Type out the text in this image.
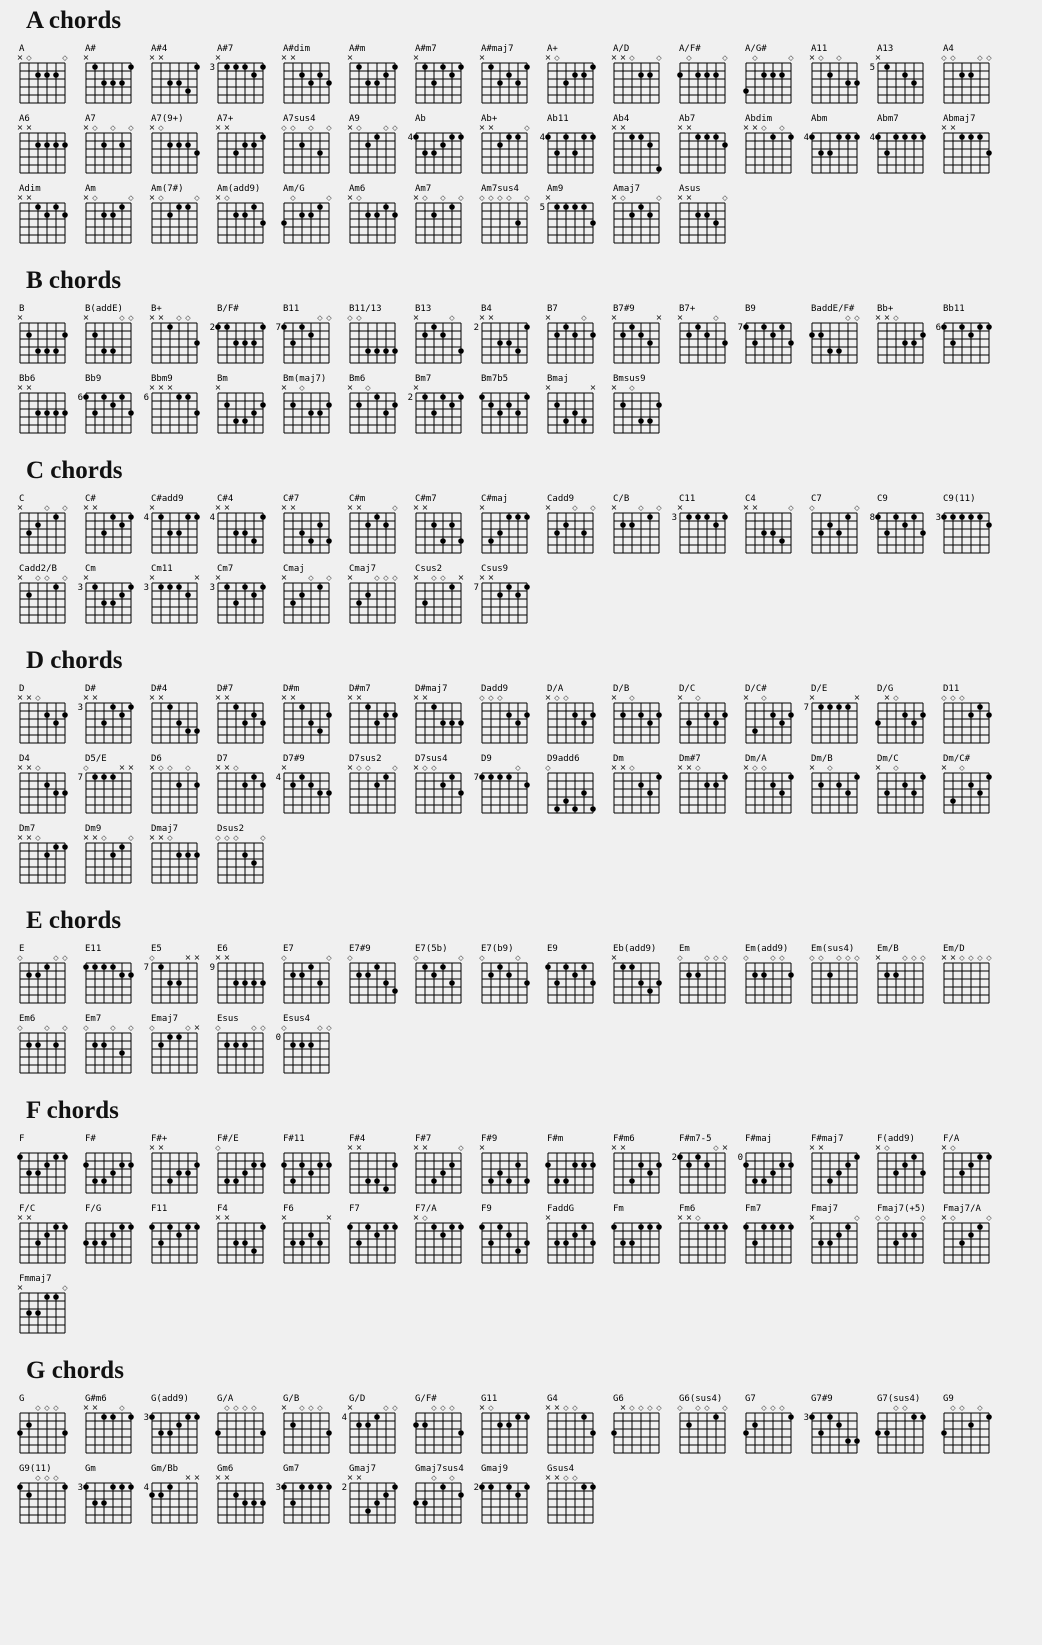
A chords
A
× ◇	◇
A#
×
A#4
× ×
A#7
×
3
A#dim
× ×
A#m
×
A#m7
×
A#maj7
×
A+
× ◇
A/D
× × ◇	◇
A/F#
◇	◇
A/G#
◇	◇
A11
× ◇ ◇
A13
×
5
A4
◇ ◇	◇ ◇
A6
× ×
A7
× ◇ ◇ ◇
A7(9+)
× ◇
A7+
× ×
A7sus4
◇ ◇ ◇ ◇
A9
× ◇	◇ ◇
Ab
4
Ab+
× ×	◇
Ab11
4
Ab4
× ×
Ab7
× ×
Abdim
× × ◇ ◇
Abm
4
Abm7
4
Abmaj7
× ×
Adim
× ×
Am
× ◇	◇
Am(7#)
× ◇	◇
Am(add9)
× ◇
Am/G
◇	◇
Am6
× ◇
Am7
× ◇ ◇ ◇
Am7sus4
◇ ◇ ◇ ◇ ◇
Am9
×
5
Amaj7
× ◇	◇
Asus
× ×	◇
B chords
B
×
B(addE)
×	◇ ◇
B+
× × ◇ ◇
B/F#
2
B11
◇ ◇
7
B11/13
◇ ◇
B13
×	◇
B4
× ×
2
B7
×	◇
B7#9
×	×
B7+
×	◇
B9
7
BaddE/F#
◇ ◇
Bb+
× × ◇
Bb11
6
Bb6
× ×
Bb9
6
Bbm9
× × ×
6
Bm
×
Bm(maj7)
× ◇
Bm6
× ◇
Bm7
×
2
Bm7b5	Bmaj
×	×
Bmsus9
× ◇
C chords
C
×	◇ ◇
C#
× ×
C#add9
×
4
C#4
× ×
4
C#7
× ×
C#m
× ×	◇
C#m7
× ×
C#maj
×
Cadd9
×	◇ ◇
C/B
×	◇ ◇
C11
×
3
C4
× ×	◇
C7
◇	◇
C9
8
C9(11)
3
Cadd2/B
× ◇ ◇ ◇
Cm
×
3
Cm11
×	×
3
Cm7
×
3
Cmaj
×	◇ ◇
Cmaj7
×	◇ ◇ ◇
Csus2
× ◇ ◇ ×
Csus9
× ×
7
D chords
D
× × ◇
D#
× ×
3
D#4
× ×
D#7
× ×
D#m
× ×
D#m7
× ×
D#maj7
× ×
Dadd9
◇ ◇ ◇
D/A
× ◇ ◇
D/B
× ◇
D/C
× ◇
D/C#
× ◇
D/E
×	×
7
D/G
× ◇
D11
◇ ◇ ◇
D4
× × ◇
D5/E
◇	× ×
7
D6
× ◇ ◇ ◇
D7
× × ◇
D7#9
×
4
D7sus2
× ◇ ◇	◇
D7sus4
× ◇ ◇
D9
◇
7
D9add6
◇
Dm
× × ◇
Dm#7
× × ◇
Dm/A
× ◇ ◇
Dm/B
× ◇
Dm/C
× ◇
Dm/C#
× ◇
Dm7
× × ◇
Dm9
× × ◇	◇
Dmaj7
× × ◇
Dsus2
◇ ◇ ◇	◇
E chords
E
◇	◇ ◇
E11	E5
◇	× ×
7
E6
× ×
9
E7
◇	◇
E7#9
◇
E7(5b)
◇	◇
E7(b9)
◇	◇
E9	Eb(add9)
×
Em
◇	◇ ◇ ◇
Em(add9)
◇	◇ ◇
Em(sus4)
◇ ◇ ◇ ◇ ◇
Em/B
×	◇ ◇ ◇
Em/D
× × ◇ ◇ ◇ ◇
Em6
◇	◇ ◇
Em7
◇	◇ ◇
Emaj7
◇	◇ ×
Esus
◇	◇ ◇
Esus4
◇	◇ ◇
0
F chords
F	F#	F#+
× ×
F#/E
◇
F#11	F#4
× ×
F#7
× ×	◇
F#9
×
F#m	F#m6
× ×
F#m7-5
◇ ×
2
F#maj
0
F#maj7
× ×
F(add9)
× ◇
F/A
× ◇
F/C
× ×
F/G	F11	F4
× ×
F6
×	×
F7	F7/A
× ◇
F9	FaddG
×
Fm	Fm6
× × ◇
Fm7	Fmaj7
×	◇
Fmaj7(+5)
◇ ◇	◇
Fmaj7/A
× ◇	◇
Fmmaj7
×	◇
G chords
G
◇ ◇ ◇
G#m6
× ×	◇
G(add9)
3
G/A
◇ ◇ ◇ ◇
G/B
× ◇ ◇ ◇
G/D
×	◇ ◇
4
G/F#
◇ ◇ ◇
G11
× ◇
G4
× × ◇ ◇
G6
× ◇ ◇ ◇ ◇
G6(sus4)
◇ ◇ ◇ ◇
G7
◇ ◇ ◇
G7#9
3
G7(sus4)
◇ ◇
G9
◇ ◇ ◇
G9(11)
◇ ◇ ◇
Gm
3
Gm/Bb
× ×
4
Gm6
× ×
Gm7
3
Gmaj7
× ×
2
Gmaj7sus4
◇ ◇
Gmaj9
2
Gsus4
× × ◇ ◇
